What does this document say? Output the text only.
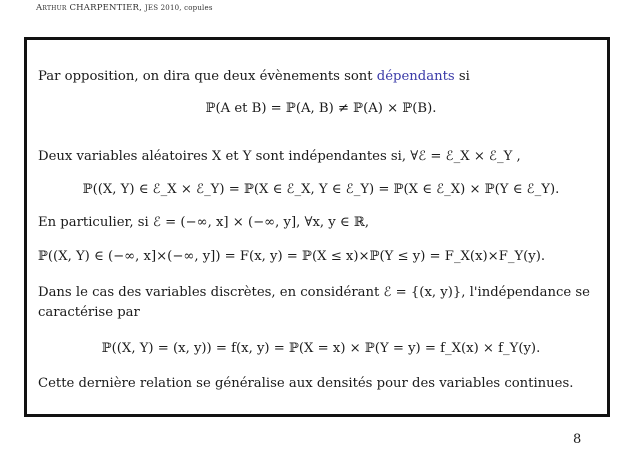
Arthur CHARPENTIER, JES 2010, copules
Par opposition, on dira que deux évènements sont dépendants si
ℙ(A et B) = ℙ(A, B) ≠ ℙ(A) × ℙ(B).
Deux variables aléatoires X et Y sont indépendantes si, ∀ℰ = ℰ_X × ℰ_Y ,
ℙ((X, Y) ∈ ℰ_X × ℰ_Y) = ℙ(X ∈ ℰ_X, Y ∈ ℰ_Y) = ℙ(X ∈ ℰ_X) × ℙ(Y ∈ ℰ_Y).
En particulier, si ℰ = (−∞, x] × (−∞, y], ∀x, y ∈ ℝ,
ℙ((X, Y) ∈ (−∞, x]×(−∞, y]) = F(x, y) = ℙ(X ≤ x)×ℙ(Y ≤ y) = F_X(x)×F_Y(y).
Dans le cas des variables discrètes, en considérant ℰ = {(x, y)}, l'indépendance se
caractérise par
ℙ((X, Y) = (x, y)) = f(x, y) = ℙ(X = x) × ℙ(Y = y) = f_X(x) × f_Y(y).
Cette dernière relation se généralise aux densités pour des variables continues.
8
